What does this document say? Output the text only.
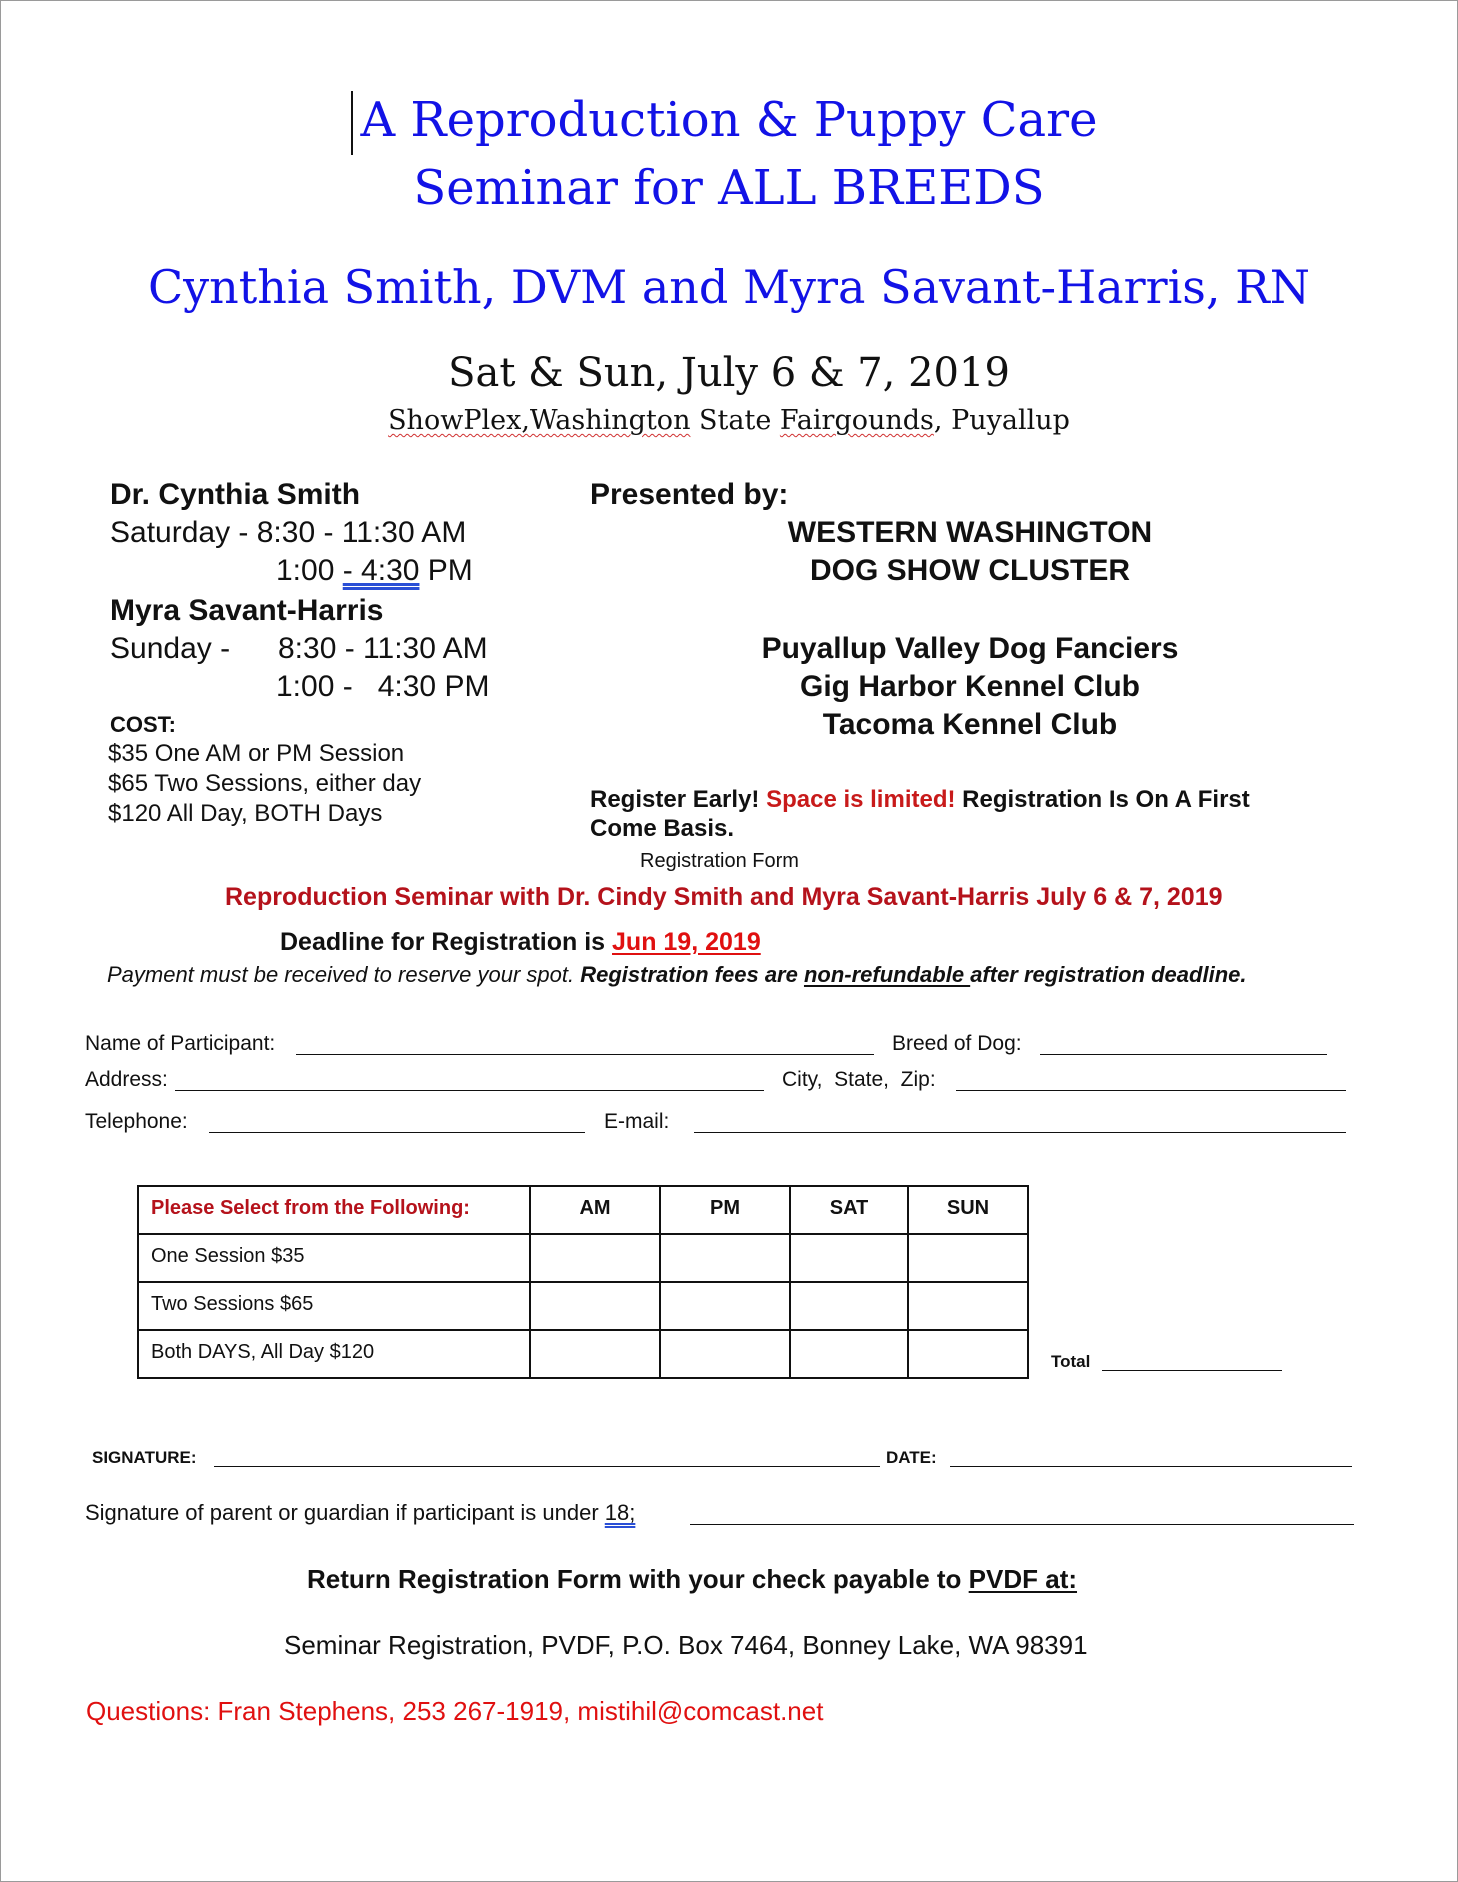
A Reproduction & Puppy Care
Seminar for ALL BREEDS
Cynthia Smith, DVM and Myra Savant-Harris, RN
Sat & Sun, July 6 & 7, 2019
ShowPlex,Washington State Fairgounds, Puyallup
Dr. Cynthia Smith
Saturday - 8:30 - 11:30 AM
1:00 - 4:30 PM
Myra Savant-Harris
Sunday - 8:30 - 11:30 AM
1:00 -   4:30 PM
COST:
$35 One AM or PM Session
$65 Two Sessions, either day
$120 All Day, BOTH Days
Presented by:
WESTERN WASHINGTON
DOG SHOW CLUSTER
Puyallup Valley Dog Fanciers
Gig Harbor Kennel Club
Tacoma Kennel Club
Register Early! Space is limited! Registration Is On A First
Come Basis.
Registration Form
Reproduction Seminar with Dr. Cindy Smith and Myra Savant-Harris July 6 & 7, 2019
Deadline for Registration is Jun 19, 2019
Payment must be received to reserve your spot. Registration fees are non-refundable after registration deadline.
Name of Participant:	Breed of Dog:
Address:	City,  State,  Zip:
Telephone:	E-mail:
Please Select from the Following:	AM	PM	SAT	SUN
One Session $35				
Two Sessions $65				
Both DAYS, All Day $120					Total
SIGNATURE:	DATE:
Signature of parent or guardian if participant is under 18;
Return Registration Form with your check payable to PVDF at:
Seminar Registration, PVDF, P.O. Box 7464, Bonney Lake, WA 98391
Questions: Fran Stephens, 253 267-1919, mistihil@comcast.net
